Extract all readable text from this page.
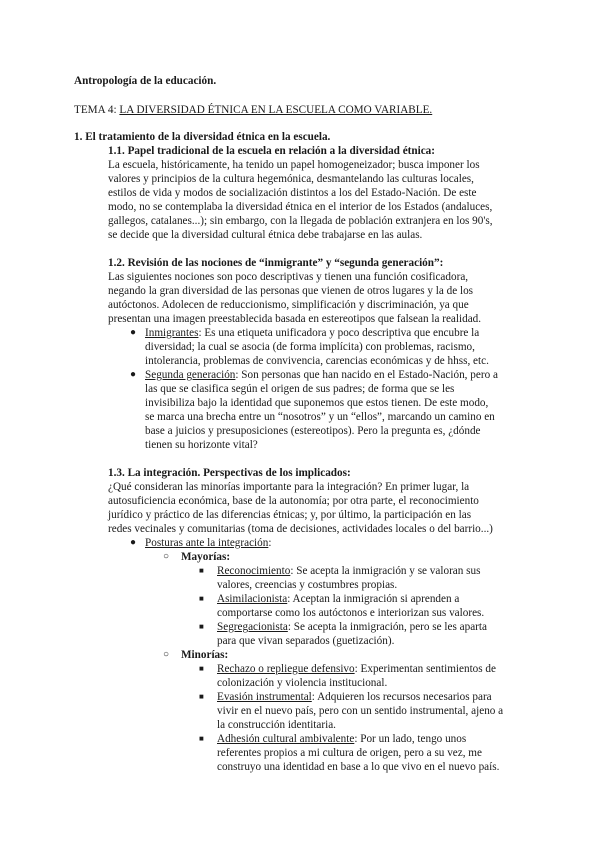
Antropología de la educación.
TEMA 4: LA DIVERSIDAD ÉTNICA EN LA ESCUELA COMO VARIABLE.
1. El tratamiento de la diversidad étnica en la escuela.
1.1. Papel tradicional de la escuela en relación a la diversidad étnica:
La escuela, históricamente, ha tenido un papel homogeneizador; busca imponer los
valores y principios de la cultura hegemónica, desmantelando las culturas locales,
estilos de vida y modos de socialización distintos a los del Estado-Nación. De este
modo, no se contemplaba la diversidad étnica en el interior de los Estados (andaluces,
gallegos, catalanes...); sin embargo, con la llegada de población extranjera en los 90's,
se decide que la diversidad cultural étnica debe trabajarse en las aulas.
1.2. Revisión de las nociones de “inmigrante” y “segunda generación”:
Las siguientes nociones son poco descriptivas y tienen una función cosificadora,
negando la gran diversidad de las personas que vienen de otros lugares y la de los
autóctonos. Adolecen de reduccionismo, simplificación y discriminación, ya que
presentan una imagen preestablecida basada en estereotipos que falsean la realidad.
● Inmigrantes: Es una etiqueta unificadora y poco descriptiva que encubre la
diversidad; la cual se asocia (de forma implícita) con problemas, racismo,
intolerancia, problemas de convivencia, carencias económicas y de hhss, etc.
● Segunda generación: Son personas que han nacido en el Estado-Nación, pero a
las que se clasifica según el origen de sus padres; de forma que se les
invisibiliza bajo la identidad que suponemos que estos tienen. De este modo,
se marca una brecha entre un “nosotros” y un “ellos”, marcando un camino en
base a juicios y presuposiciones (estereotipos). Pero la pregunta es, ¿dónde
tienen su horizonte vital?
1.3. La integración. Perspectivas de los implicados:
¿Qué consideran las minorías importante para la integración? En primer lugar, la
autosuficiencia económica, base de la autonomía; por otra parte, el reconocimiento
jurídico y práctico de las diferencias étnicas; y, por último, la participación en las
redes vecinales y comunitarias (toma de decisiones, actividades locales o del barrio...)
● Posturas ante la integración:
○ Mayorías:
■ Reconocimiento: Se acepta la inmigración y se valoran sus
valores, creencias y costumbres propias.
■ Asimilacionista: Aceptan la inmigración si aprenden a
comportarse como los autóctonos e interiorizan sus valores.
■ Segregacionista: Se acepta la inmigración, pero se les aparta
para que vivan separados (guetización).
○ Minorías:
■ Rechazo o repliegue defensivo: Experimentan sentimientos de
colonización y violencia institucional.
■ Evasión instrumental: Adquieren los recursos necesarios para
vivir en el nuevo país, pero con un sentido instrumental, ajeno a
la construcción identitaria.
■ Adhesión cultural ambivalente: Por un lado, tengo unos
referentes propios a mi cultura de origen, pero a su vez, me
construyo una identidad en base a lo que vivo en el nuevo país.
